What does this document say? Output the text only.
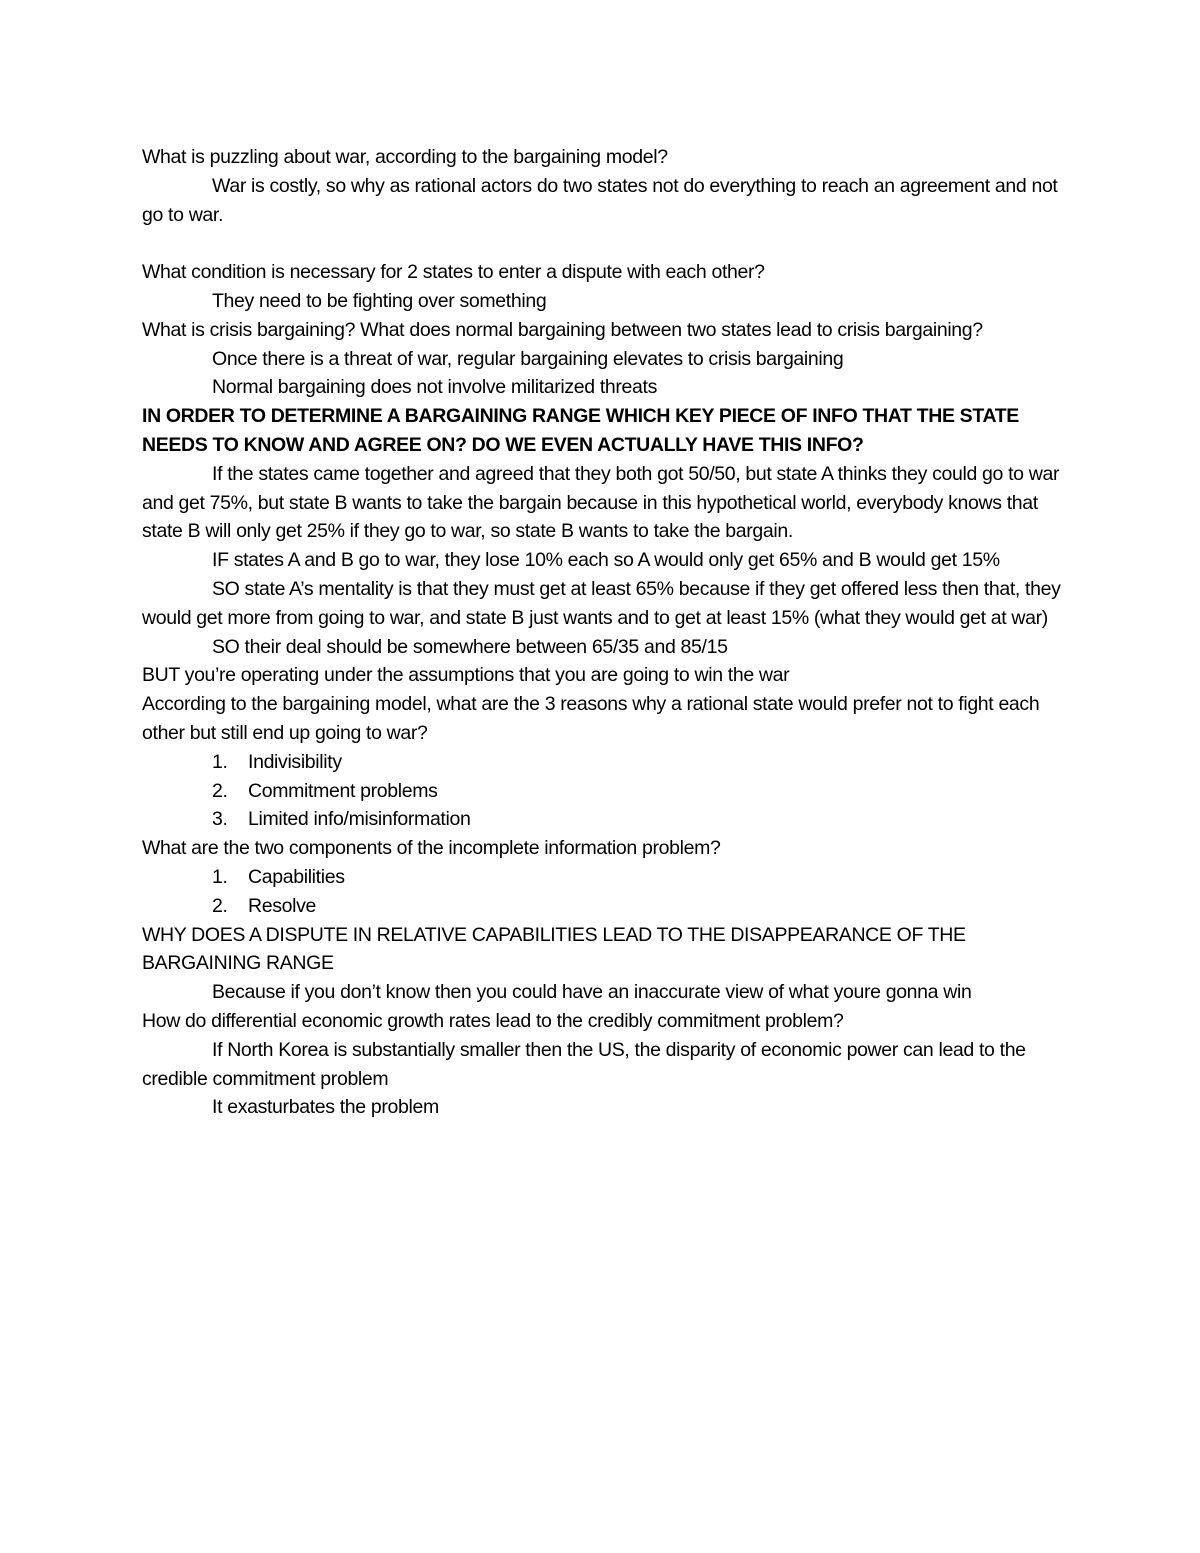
What is puzzling about war, according to the bargaining model?

War is costly, so why as rational actors do two states not do everything to reach an agreement and not go to war.

What condition is necessary for 2 states to enter a dispute with each other?

They need to be fighting over something

What is crisis bargaining? What does normal bargaining between two states lead to crisis bargaining?

Once there is a threat of war, regular bargaining elevates to crisis bargaining

Normal bargaining does not involve militarized threats

IN ORDER TO DETERMINE A BARGAINING RANGE WHICH KEY PIECE OF INFO THAT THE STATE NEEDS TO KNOW AND AGREE ON? DO WE EVEN ACTUALLY HAVE THIS INFO?

If the states came together and agreed that they both got 50/50, but state A thinks they could go to war and get 75%, but state B wants to take the bargain because in this hypothetical world, everybody knows that state B will only get 25% if they go to war, so state B wants to take the bargain.

IF states A and B go to war, they lose 10% each so A would only get 65% and B would get 15%

SO state A’s mentality is that they must get at least 65% because if they get offered less then that, they would get more from going to war, and state B just wants and to get at least 15% (what they would get at war)

SO their deal should be somewhere between 65/35 and 85/15

BUT you’re operating under the assumptions that you are going to win the war

According to the bargaining model, what are the 3 reasons why a rational state would prefer not to fight each other but still end up going to war?

1. Indivisibility
2. Commitment problems
3. Limited info/misinformation

What are the two components of the incomplete information problem?

1. Capabilities
2. Resolve

WHY DOES A DISPUTE IN RELATIVE CAPABILITIES LEAD TO THE DISAPPEARANCE OF THE BARGAINING RANGE

Because if you don’t know then you could have an inaccurate view of what youre gonna win

How do differential economic growth rates lead to the credibly commitment problem?

If North Korea is substantially smaller then the US, the disparity of economic power can lead to the credible commitment problem

It exasturbates the problem
